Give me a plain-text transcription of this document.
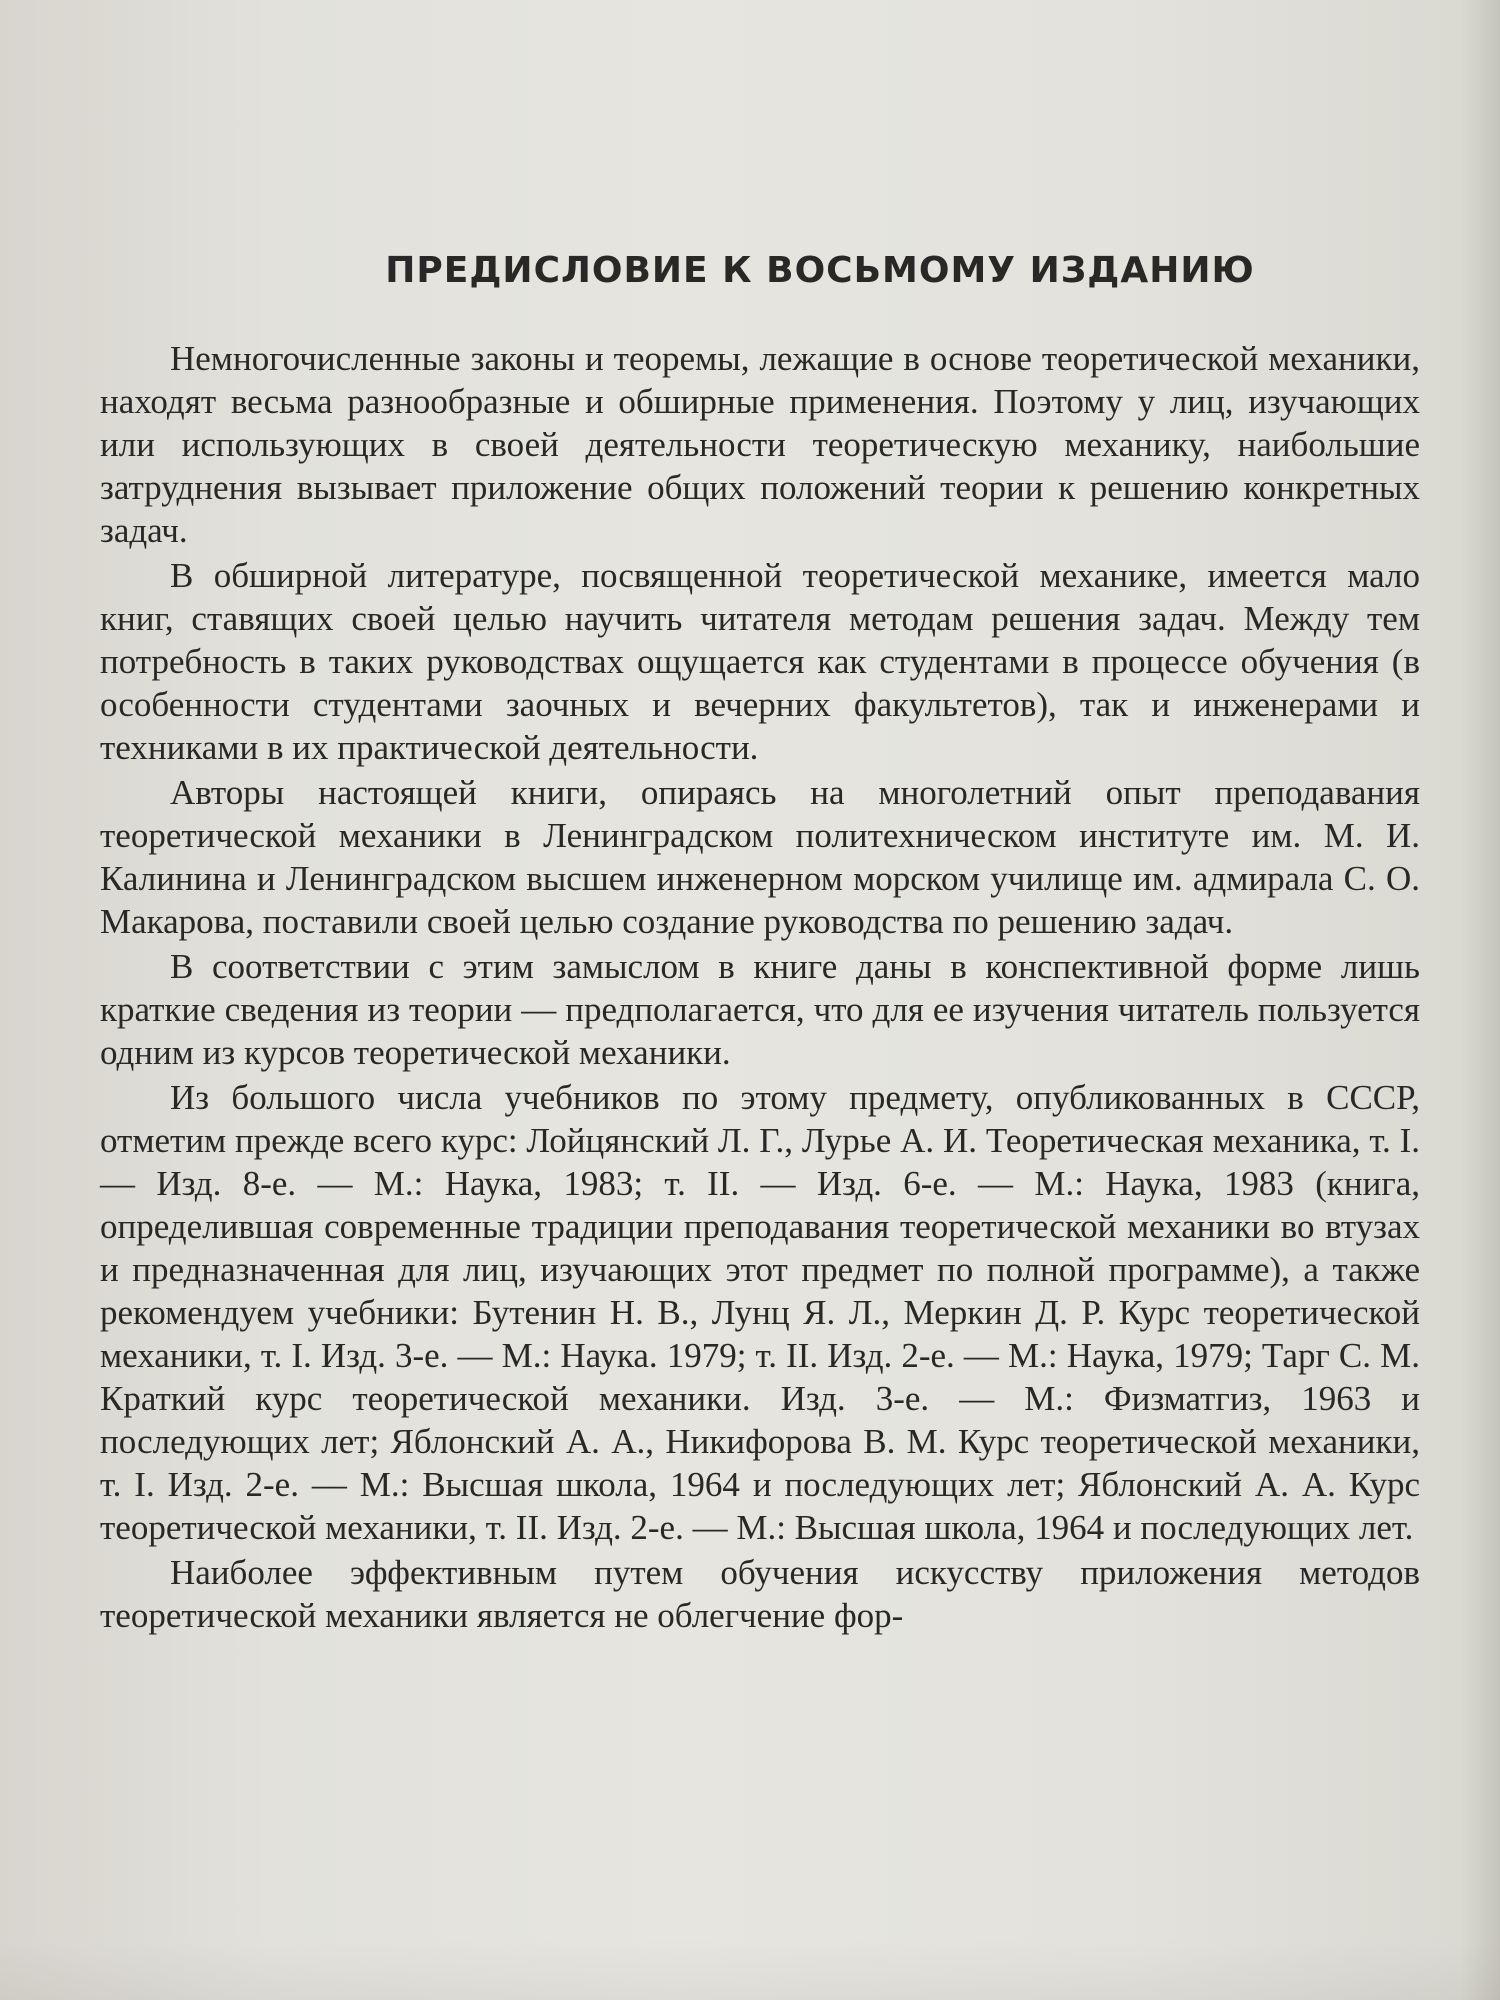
ПРЕДИСЛОВИЕ К ВОСЬМОМУ ИЗДАНИЮ

Немногочисленные законы и теоремы, лежащие в основе теоретической механики, находят весьма разнообразные и обширные применения. Поэтому у лиц, изучающих или использующих в своей деятельности теоретическую механику, наибольшие затруднения вызывает приложение общих положений теории к решению конкретных задач.

В обширной литературе, посвященной теоретической механике, имеется мало книг, ставящих своей целью научить читателя методам решения задач. Между тем потребность в таких руководствах ощущается как студентами в процессе обучения (в особенности студентами заочных и вечерних факультетов), так и инженерами и техниками в их практической деятельности.

Авторы настоящей книги, опираясь на многолетний опыт преподавания теоретической механики в Ленинградском политехническом институте им. М. И. Калинина и Ленинградском высшем инженерном морском училище им. адмирала С. О. Макарова, поставили своей целью создание руководства по решению задач.

В соответствии с этим замыслом в книге даны в конспективной форме лишь краткие сведения из теории — предполагается, что для ее изучения читатель пользуется одним из курсов теоретической механики.

Из большого числа учебников по этому предмету, опубликованных в СССР, отметим прежде всего курс: Лойцянский Л. Г., Лурье А. И. Теоретическая механика, т. I. — Изд. 8-е. — М.: Наука, 1983; т. II. — Изд. 6-е. — М.: Наука, 1983 (книга, определившая современные традиции преподавания теоретической механики во втузах и предназначенная для лиц, изучающих этот предмет по полной программе), а также рекомендуем учебники: Бутенин Н. В., Лунц Я. Л., Меркин Д. Р. Курс теоретической механики, т. I. Изд. 3-е. — М.: Наука. 1979; т. II. Изд. 2-е. — М.: Наука, 1979; Тарг С. М. Краткий курс теоретической механики. Изд. 3-е. — М.: Физматгиз, 1963 и последующих лет; Яблонский А. А., Никифорова В. М. Курс теоретической механики, т. I. Изд. 2-е. — М.: Высшая школа, 1964 и последующих лет; Яблонский А. А. Курс теоретической механики, т. II. Изд. 2-е. — М.: Высшая школа, 1964 и последующих лет.

Наиболее эффективным путем обучения искусству приложения методов теоретической механики является не облегчение фор-
